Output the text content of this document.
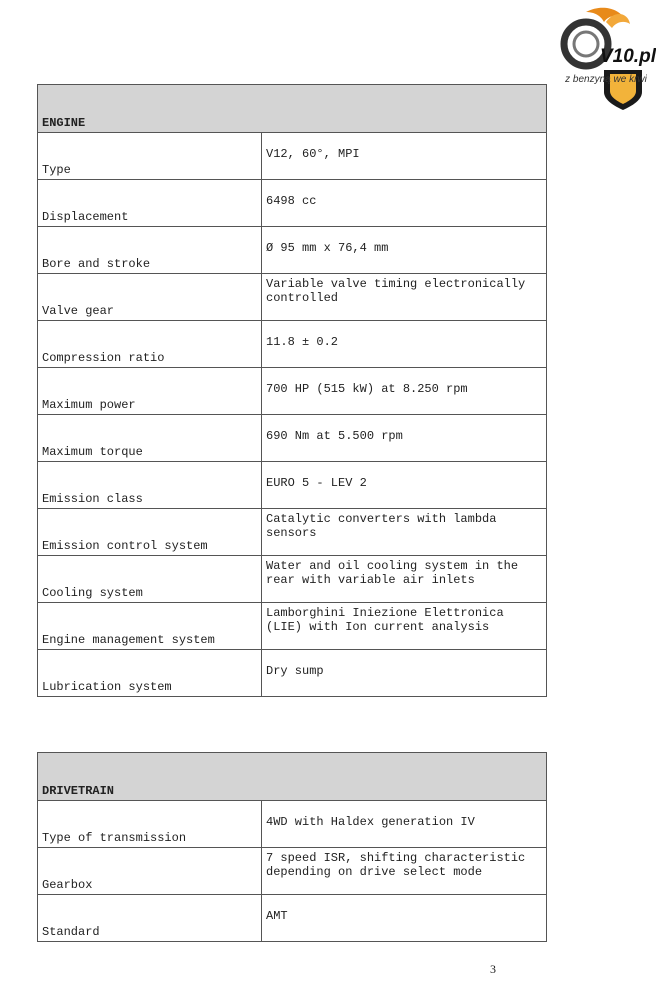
V10.pl
z benzyną we krwi
ENGINE	
Type	V12, 60°, MPI
Displacement	6498 cc
Bore and stroke	Ø 95 mm x 76,4 mm
Valve gear	Variable valve timing electronically controlled
Compression ratio	11.8 ± 0.2
Maximum power	700 HP (515 kW) at 8.250 rpm
Maximum torque	690 Nm at 5.500 rpm
Emission class	EURO 5 - LEV 2
Emission control system	Catalytic converters with lambda sensors
Cooling system	Water and oil cooling system in the rear with variable air inlets
Engine management system	Lamborghini Iniezione Elettronica (LIE) with Ion current analysis
Lubrication system	Dry sump
DRIVETRAIN	
Type of transmission	4WD with Haldex generation IV
Gearbox	7 speed ISR, shifting characteristic depending on drive select mode
Standard	AMT
3
